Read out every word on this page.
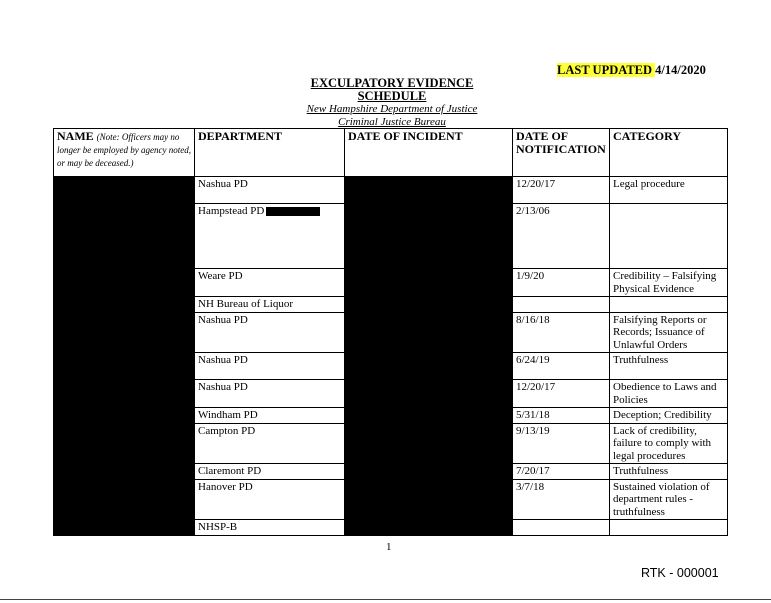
LAST UPDATED 4/14/2020
EXCULPATORY EVIDENCE SCHEDULE
New Hampshire Department of Justice
Criminal Justice Bureau
NAME (Note: Officers may no longer be employed by agency noted, or may be deceased.)	DEPARTMENT	DATE OF INCIDENT	DATE OF NOTIFICATION	CATEGORY
	Nashua PD		12/20/17	Legal procedure
	Hampstead PD		2/13/06	
	Weare PD		1/9/20	Credibility – Falsifying Physical Evidence
	NH Bureau of Liquor			
	Nashua PD		8/16/18	Falsifying Reports or Records; Issuance of Unlawful Orders
	Nashua PD		6/24/19	Truthfulness
	Nashua PD		12/20/17	Obedience to Laws and Policies
	Windham PD		5/31/18	Deception; Credibility
	Campton PD		9/13/19	Lack of credibility, failure to comply with legal procedures
	Claremont PD		7/20/17	Truthfulness
	Hanover PD		3/7/18	Sustained violation of department rules - truthfulness
	NHSP-B			
1
RTK - 000001
